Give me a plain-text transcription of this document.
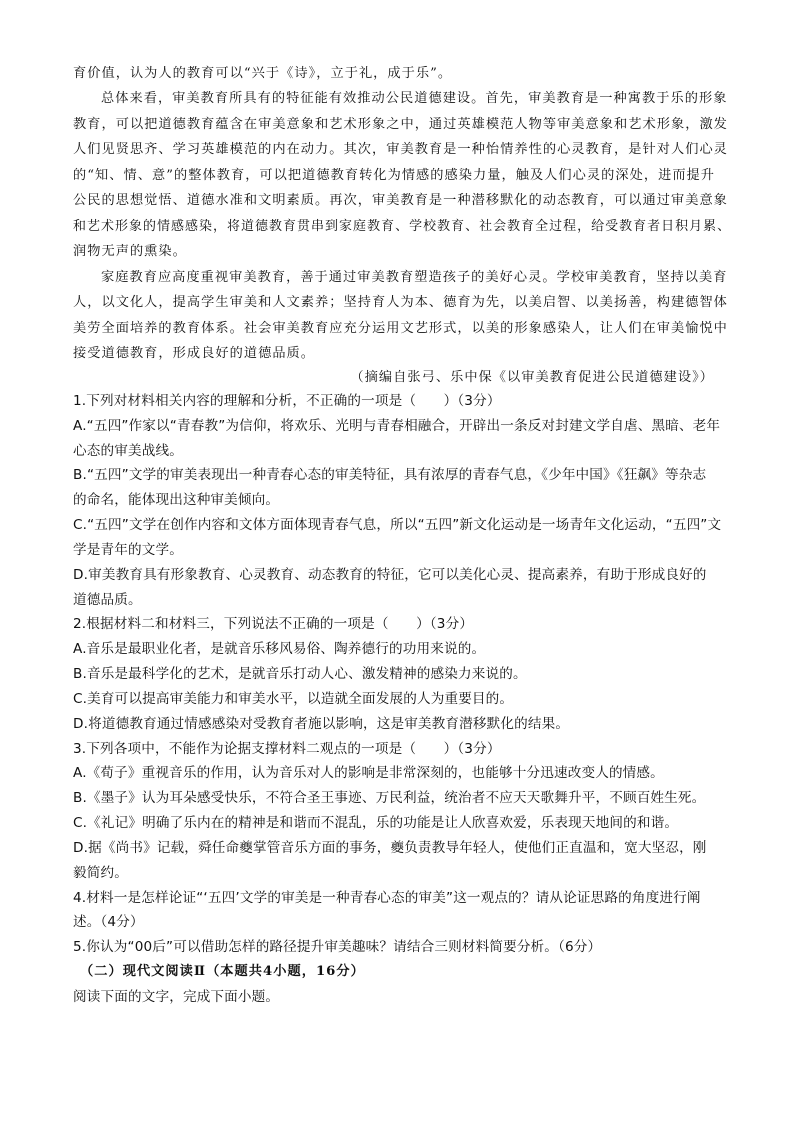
育价值，认为人的教育可以“兴于《诗》，立于礼，成于乐”。
总体来看，审美教育所具有的特征能有效推动公民道德建设。首先，审美教育是一种寓教于乐的形象
教育，可以把道德教育蕴含在审美意象和艺术形象之中，通过英雄模范人物等审美意象和艺术形象，激发
人们见贤思齐、学习英雄模范的内在动力。其次，审美教育是一种怡情养性的心灵教育，是针对人们心灵
的“知、情、意”的整体教育，可以把道德教育转化为情感的感染力量，触及人们心灵的深处，进而提升
公民的思想觉悟、道德水准和文明素质。再次，审美教育是一种潜移默化的动态教育，可以通过审美意象
和艺术形象的情感感染，将道德教育贯串到家庭教育、学校教育、社会教育全过程，给受教育者日积月累、
润物无声的熏染。
家庭教育应高度重视审美教育，善于通过审美教育塑造孩子的美好心灵。学校审美教育，坚持以美育
人，以文化人，提高学生审美和人文素养；坚持育人为本、德育为先，以美启智、以美扬善，构建德智体
美劳全面培养的教育体系。社会审美教育应充分运用文艺形式，以美的形象感染人，让人们在审美愉悦中
接受道德教育，形成良好的道德品质。
（摘编自张弓、乐中保《以审美教育促进公民道德建设》）
1.下列对材料相关内容的理解和分析，不正确的一项是（　　）（3分）
A.“五四”作家以“青春教”为信仰，将欢乐、光明与青春相融合，开辟出一条反对封建文学自虐、黑暗、老年
心态的审美战线。
B.“五四”文学的审美表现出一种青春心态的审美特征，具有浓厚的青春气息，《少年中国》《狂飙》等杂志
的命名，能体现出这种审美倾向。
C.“五四”文学在创作内容和文体方面体现青春气息，所以“五四”新文化运动是一场青年文化运动，“五四”文
学是青年的文学。
D.审美教育具有形象教育、心灵教育、动态教育的特征，它可以美化心灵、提高素养，有助于形成良好的
道德品质。
2.根据材料二和材料三，下列说法不正确的一项是（　　）（3分）
A.音乐是最职业化者，是就音乐移风易俗、陶养德行的功用来说的。
B.音乐是最科学化的艺术，是就音乐打动人心、激发精神的感染力来说的。
C.美育可以提高审美能力和审美水平，以造就全面发展的人为重要目的。
D.将道德教育通过情感感染对受教育者施以影响，这是审美教育潜移默化的结果。
3.下列各项中，不能作为论据支撑材料二观点的一项是（　　）（3分）
A.《荀子》重视音乐的作用，认为音乐对人的影响是非常深刻的，也能够十分迅速改变人的情感。
B.《墨子》认为耳朵感受快乐，不符合圣王事迹、万民利益，统治者不应天天歌舞升平，不顾百姓生死。
C.《礼记》明确了乐内在的精神是和谐而不混乱，乐的功能是让人欣喜欢爱，乐表现天地间的和谐。
D.据《尚书》记载，舜任命夔掌管音乐方面的事务，夔负责教导年轻人，使他们正直温和，宽大坚忍，刚
毅简约。
4.材料一是怎样论证“‘五四’文学的审美是一种青春心态的审美”这一观点的？请从论证思路的角度进行阐
述。（4分）
5.你认为“00后”可以借助怎样的路径提升审美趣味？请结合三则材料简要分析。（6分）
（二）现代文阅读Ⅱ（本题共4小题，16分）
阅读下面的文字，完成下面小题。
